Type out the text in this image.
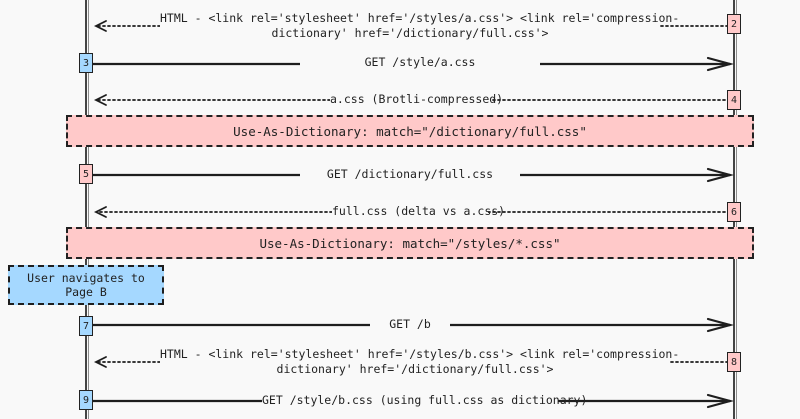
HTML - <link rel='stylesheet' href='/styles/a.css'> <link rel='compression-
dictionary' href='/dictionary/full.css'>
GET /style/a.css
a.css (Brotli-compressed)
GET /dictionary/full.css
full.css (delta vs a.css)
GET /b
HTML - <link rel='stylesheet' href='/styles/b.css'> <link rel='compression-
dictionary' href='/dictionary/full.css'>
GET /style/b.css (using full.css as dictionary)
Use-As-Dictionary: match="/dictionary/full.css"
Use-As-Dictionary: match="/styles/*.css"
User navigates to Page B
2
3
4
5
6
7
8
9
